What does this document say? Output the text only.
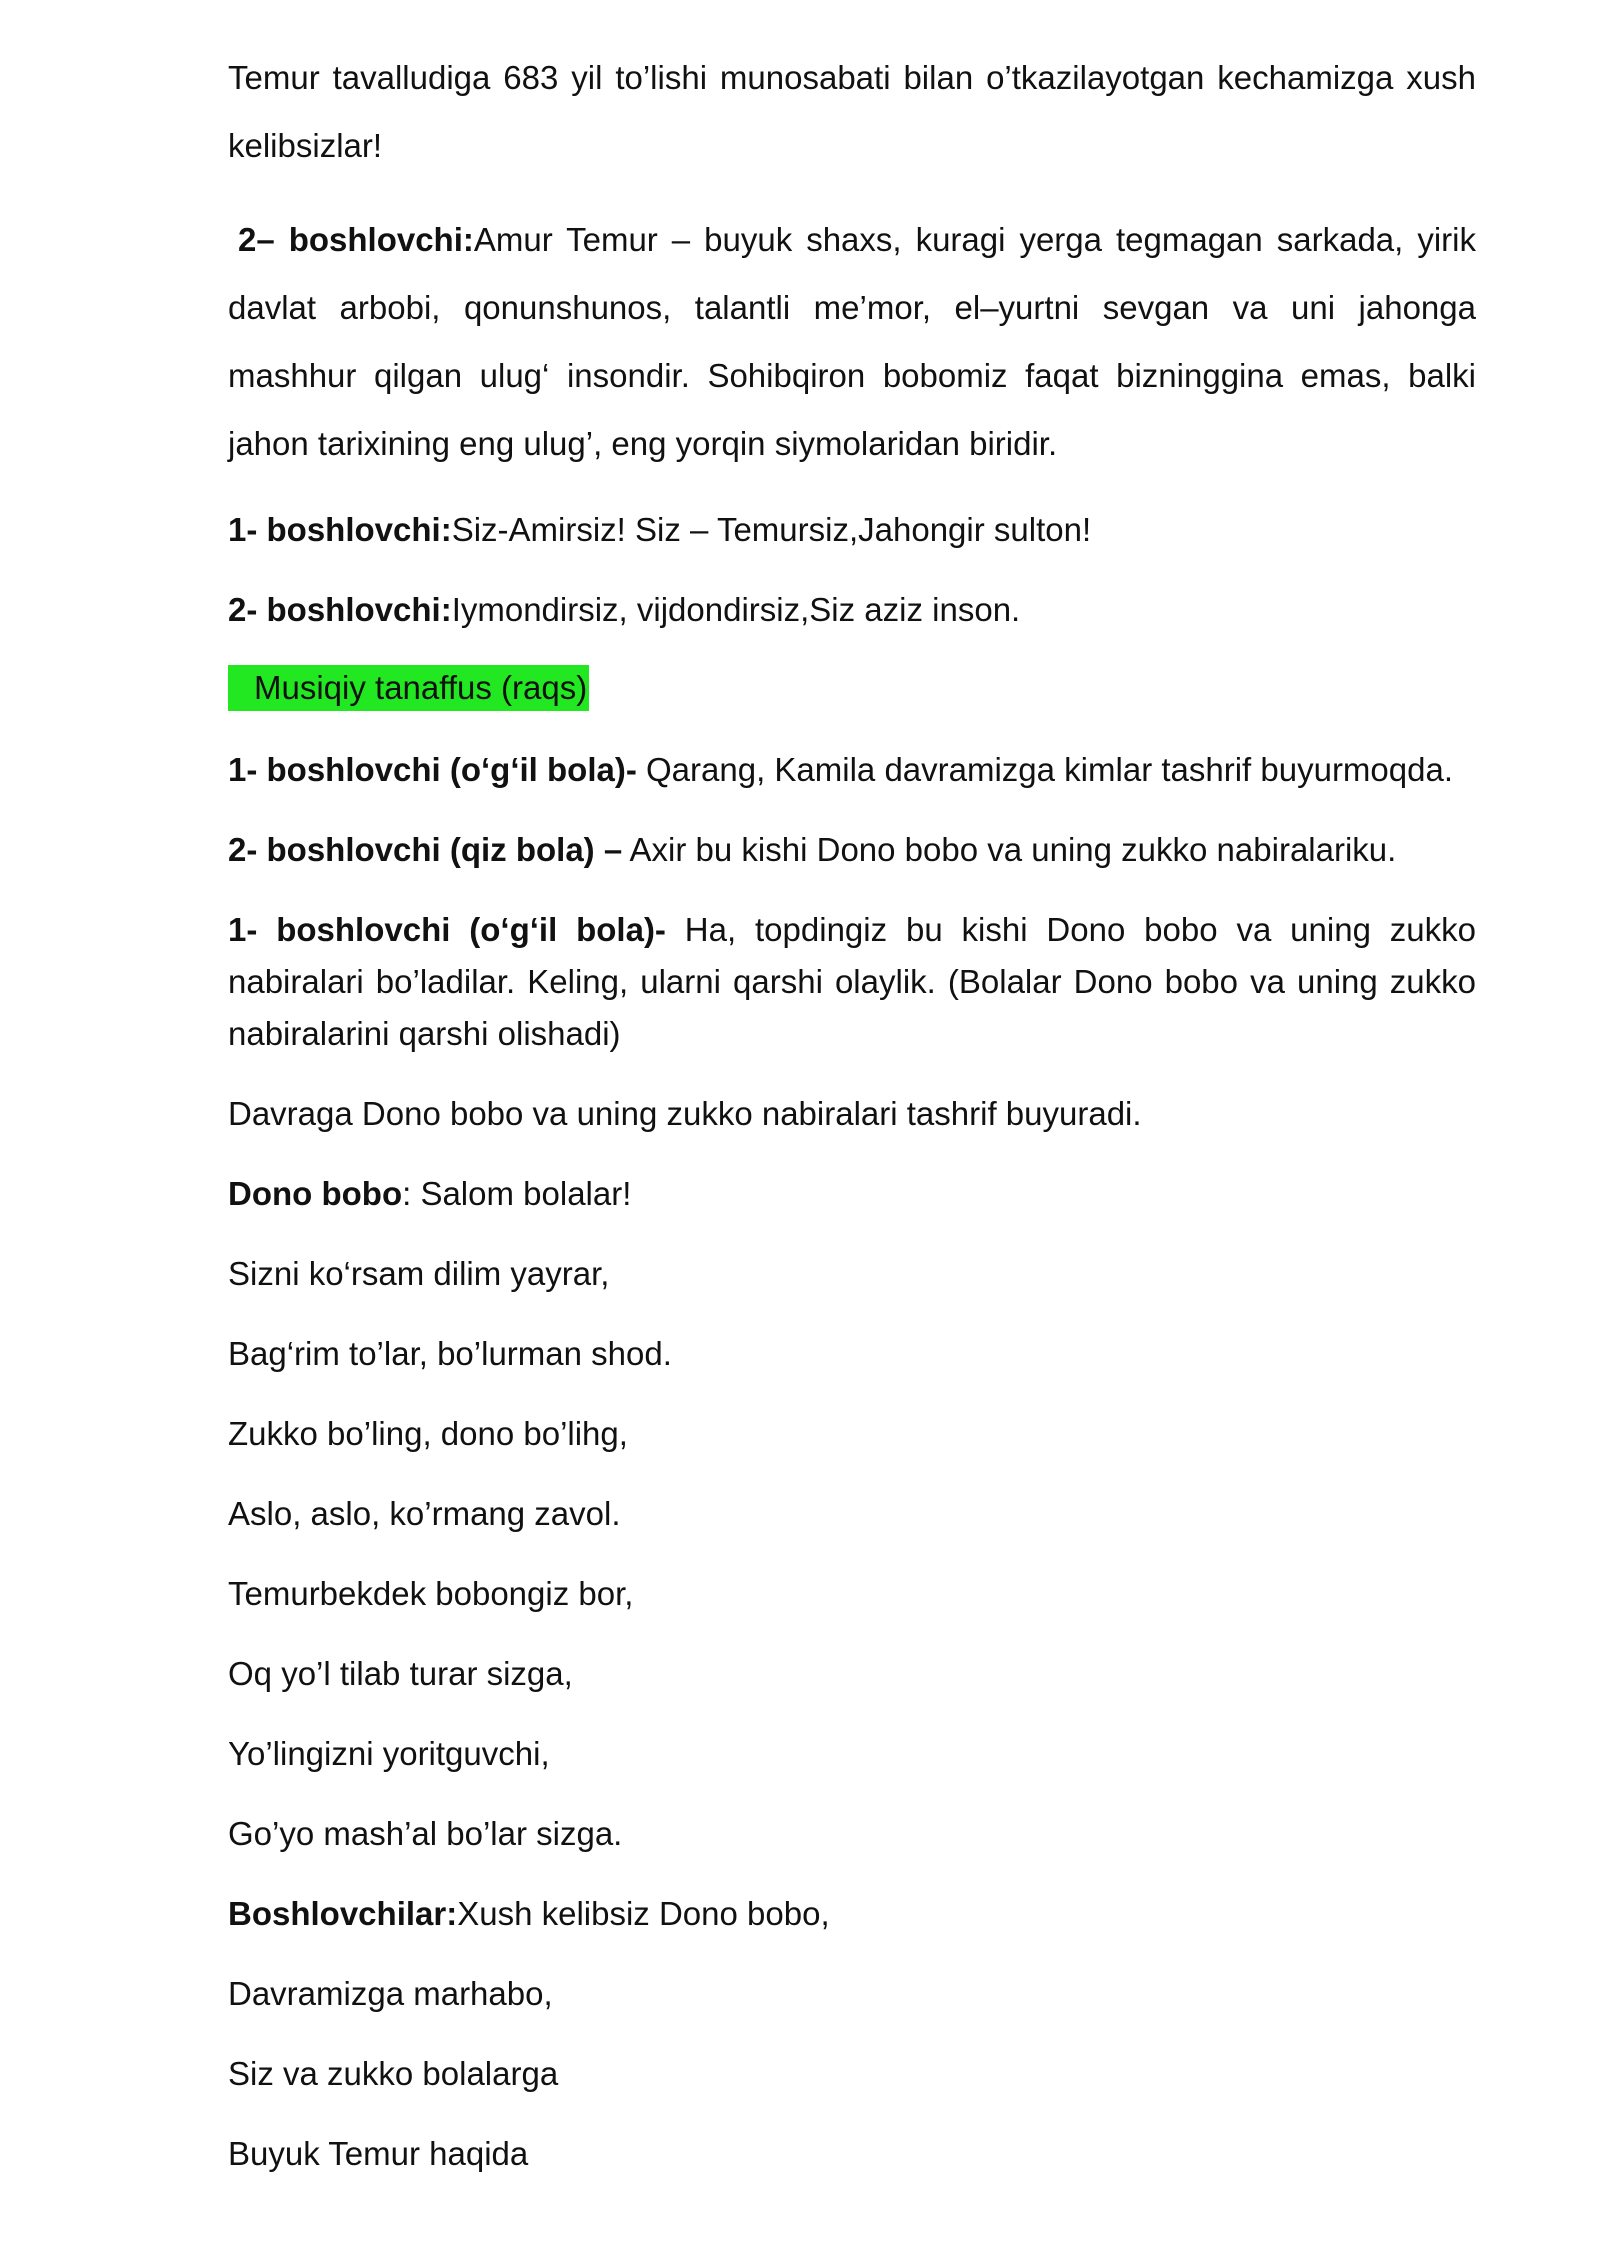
Temur tavalludiga 683 yil to’lishi munosabati bilan o’tkazilayotgan kechamizga xush kelibsizlar!

2– boshlovchi:Amur Temur – buyuk shaxs, kuragi yerga tegmagan sarkada, yirik davlat arbobi, qonunshunos, talantli me’mor, el–yurtni sevgan va uni jahonga mashhur qilgan ulug‘ insondir. Sohibqiron bobomiz faqat bizninggina emas, balki jahon tarixining eng ulug’, eng yorqin siymolaridan biridir.

1- boshlovchi:Siz-Amirsiz! Siz – Temursiz,Jahongir sulton!

2- boshlovchi:Iymondirsiz, vijdondirsiz,Siz aziz inson.

Musiqiy tanaffus (raqs)

1- boshlovchi (o‘g‘il bola)- Qarang, Kamila davramizga kimlar tashrif buyurmoqda.

2- boshlovchi (qiz bola) – Axir bu kishi Dono bobo va uning zukko nabiralariku.

1- boshlovchi (o‘g‘il bola)- Ha, topdingiz bu kishi Dono bobo va uning zukko nabiralari bo’ladilar. Keling, ularni qarshi olaylik. (Bolalar Dono bobo va uning zukko nabiralarini qarshi olishadi)

Davraga Dono bobo va uning zukko nabiralari tashrif buyuradi.

Dono bobo: Salom bolalar!

Sizni ko‘rsam dilim yayrar,

Bag‘rim to’lar, bo’lurman shod.

Zukko bo’ling, dono bo’lihg,

Aslo, aslo, ko’rmang zavol.

Temurbekdek bobongiz bor,

Oq yo’l tilab turar sizga,

Yo’lingizni yoritguvchi,

Go’yo mash’al bo’lar sizga.

Boshlovchilar:Xush kelibsiz Dono bobo,

Davramizga marhabo,

Siz va zukko bolalarga

Buyuk Temur haqida
